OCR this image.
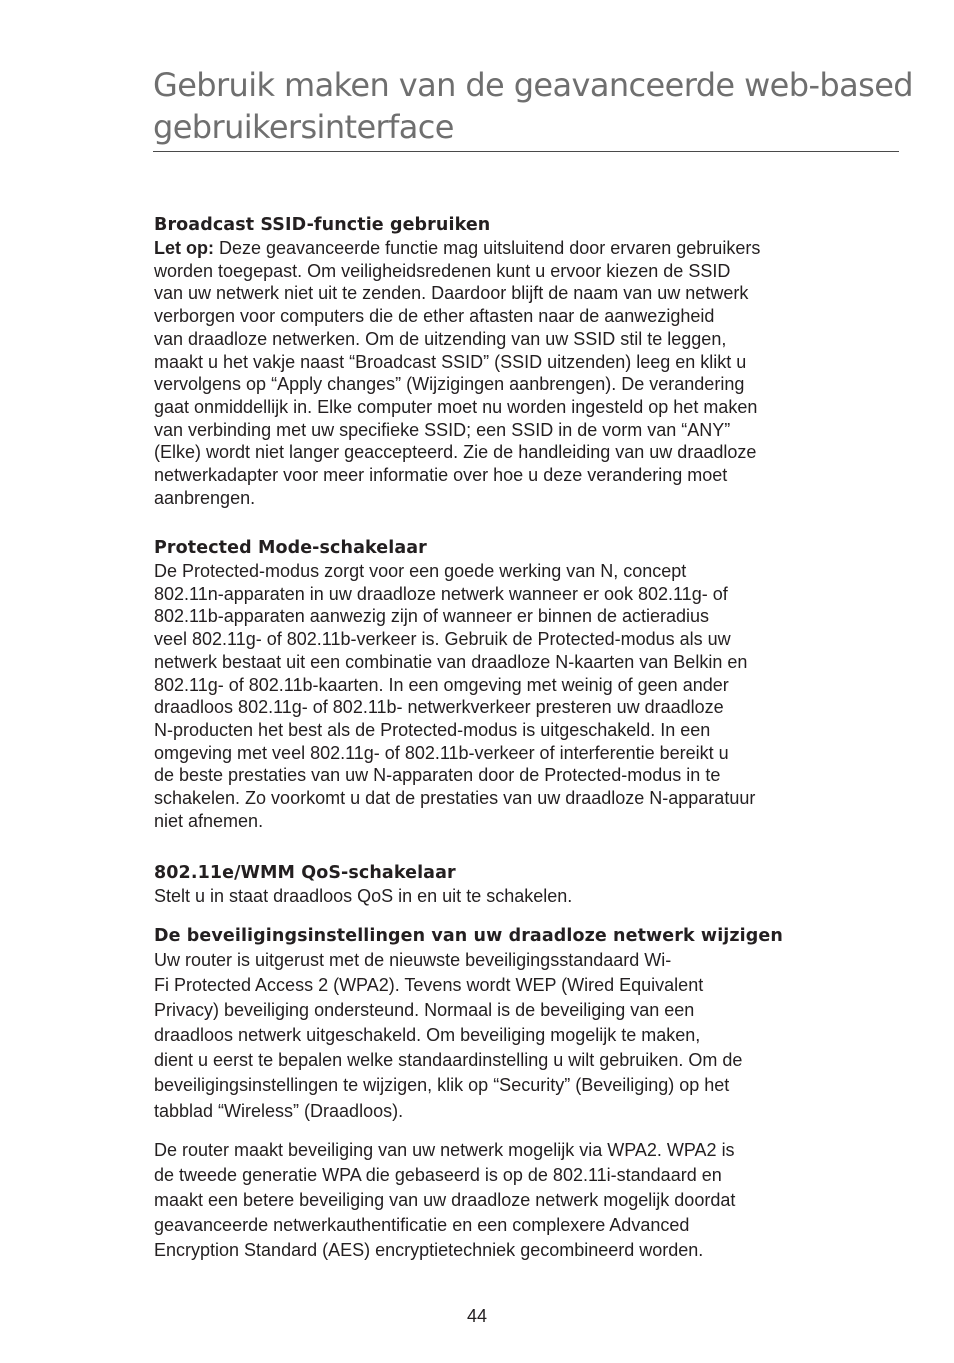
Gebruik maken van de geavanceerde web-based
gebruikersinterface
Broadcast SSID-functie gebruiken
Let op: Deze geavanceerde functie mag uitsluitend door ervaren gebruikers
worden toegepast. Om veiligheidsredenen kunt u ervoor kiezen de SSID
van uw netwerk niet uit te zenden. Daardoor blijft de naam van uw netwerk
verborgen voor computers die de ether aftasten naar de aanwezigheid
van draadloze netwerken. Om de uitzending van uw SSID stil te leggen,
maakt u het vakje naast “Broadcast SSID” (SSID uitzenden) leeg en klikt u
vervolgens op “Apply changes” (Wijzigingen aanbrengen). De verandering
gaat onmiddellijk in. Elke computer moet nu worden ingesteld op het maken
van verbinding met uw specifieke SSID; een SSID in de vorm van “ANY”
(Elke) wordt niet langer geaccepteerd. Zie de handleiding van uw draadloze
netwerkadapter voor meer informatie over hoe u deze verandering moet
aanbrengen.
Protected Mode-schakelaar
De Protected-modus zorgt voor een goede werking van N, concept
802.11n-apparaten in uw draadloze netwerk wanneer er ook 802.11g- of
802.11b-apparaten aanwezig zijn of wanneer er binnen de actieradius
veel 802.11g- of 802.11b-verkeer is. Gebruik de Protected-modus als uw
netwerk bestaat uit een combinatie van draadloze N-kaarten van Belkin en
802.11g- of 802.11b-kaarten. In een omgeving met weinig of geen ander
draadloos 802.11g- of 802.11b- netwerkverkeer presteren uw draadloze
N-producten het best als de Protected-modus is uitgeschakeld. In een
omgeving met veel 802.11g- of 802.11b-verkeer of interferentie bereikt u
de beste prestaties van uw N-apparaten door de Protected-modus in te
schakelen. Zo voorkomt u dat de prestaties van uw draadloze N-apparatuur
niet afnemen.
802.11e/WMM QoS-schakelaar
Stelt u in staat draadloos QoS in en uit te schakelen.
De beveiligingsinstellingen van uw draadloze netwerk wijzigen
Uw router is uitgerust met de nieuwste beveiligingsstandaard Wi-
Fi Protected Access 2 (WPA2). Tevens wordt WEP (Wired Equivalent
Privacy) beveiliging ondersteund. Normaal is de beveiliging van een
draadloos netwerk uitgeschakeld. Om beveiliging mogelijk te maken,
dient u eerst te bepalen welke standaardinstelling u wilt gebruiken. Om de
beveiligingsinstellingen te wijzigen, klik op “Security” (Beveiliging) op het
tabblad “Wireless” (Draadloos).
De router maakt beveiliging van uw netwerk mogelijk via WPA2. WPA2 is
de tweede generatie WPA die gebaseerd is op de 802.11i-standaard en
maakt een betere beveiliging van uw draadloze netwerk mogelijk doordat
geavanceerde netwerkauthentificatie en een complexere Advanced
Encryption Standard (AES) encryptietechniek gecombineerd worden.
44
